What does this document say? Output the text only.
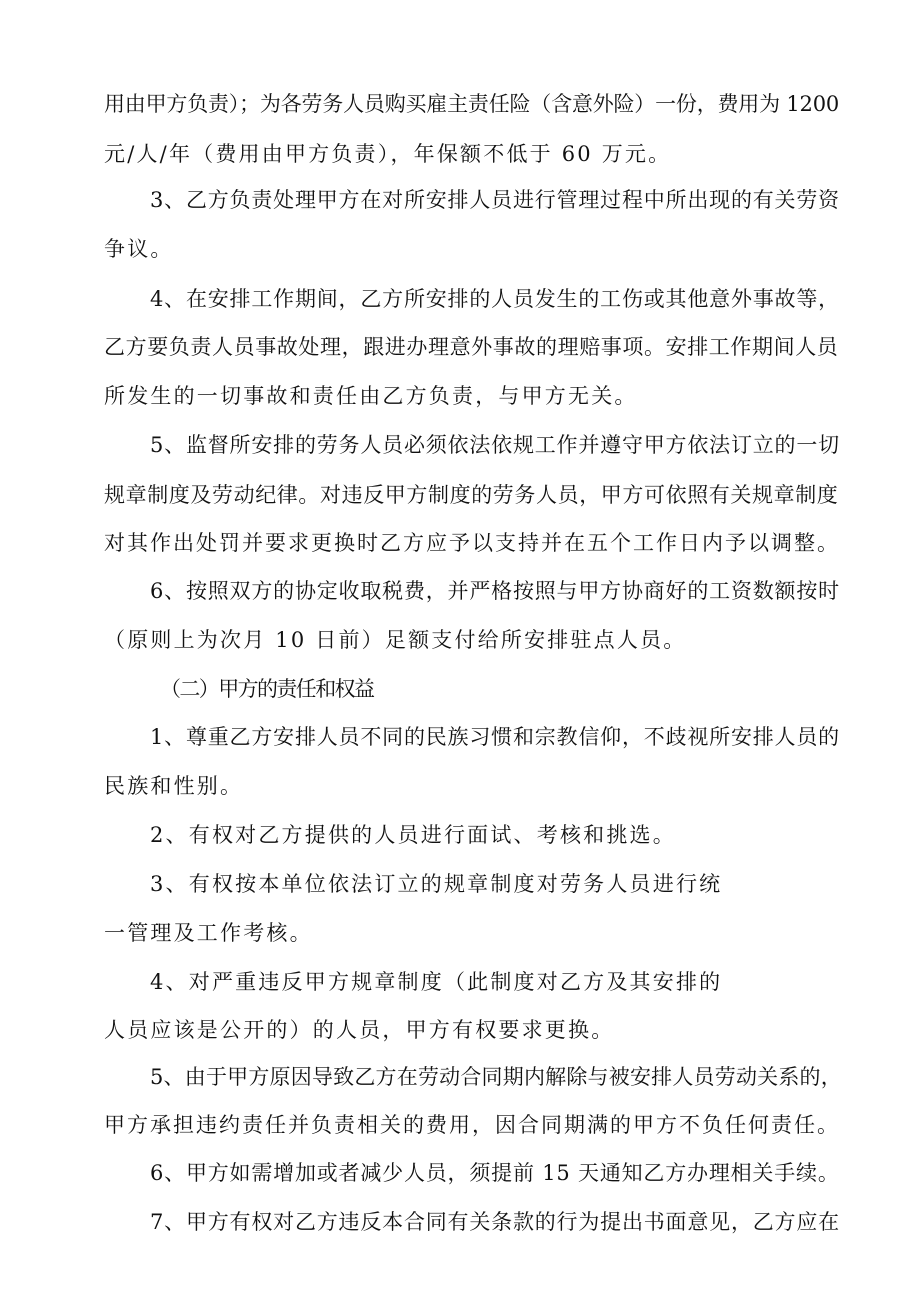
用由甲方负责）；为各劳务人员购买雇主责任险（含意外险）一份，费用为 1200
元/人/年（费用由甲方负责），年保额不低于 60 万元。
3、乙方负责处理甲方在对所安排人员进行管理过程中所出现的有关劳资
争议。
4、在安排工作期间，乙方所安排的人员发生的工伤或其他意外事故等，
乙方要负责人员事故处理，跟进办理意外事故的理赔事项。安排工作期间人员
所发生的一切事故和责任由乙方负责，与甲方无关。
5、监督所安排的劳务人员必须依法依规工作并遵守甲方依法订立的一切
规章制度及劳动纪律。对违反甲方制度的劳务人员，甲方可依照有关规章制度
对其作出处罚并要求更换时乙方应予以支持并在五个工作日内予以调整。
6、按照双方的协定收取税费，并严格按照与甲方协商好的工资数额按时
（原则上为次月 10 日前）足额支付给所安排驻点人员。
（二）甲方的责任和权益
1、尊重乙方安排人员不同的民族习惯和宗教信仰，不歧视所安排人员的
民族和性别。
2、有权对乙方提供的人员进行面试、考核和挑选。
3、有权按本单位依法订立的规章制度对劳务人员进行统
一管理及工作考核。
4、对严重违反甲方规章制度（此制度对乙方及其安排的
人员应该是公开的）的人员，甲方有权要求更换。
5、由于甲方原因导致乙方在劳动合同期内解除与被安排人员劳动关系的，
甲方承担违约责任并负责相关的费用，因合同期满的甲方不负任何责任。
6、甲方如需增加或者减少人员，须提前 15 天通知乙方办理相关手续。
7、甲方有权对乙方违反本合同有关条款的行为提出书面意见，乙方应在
